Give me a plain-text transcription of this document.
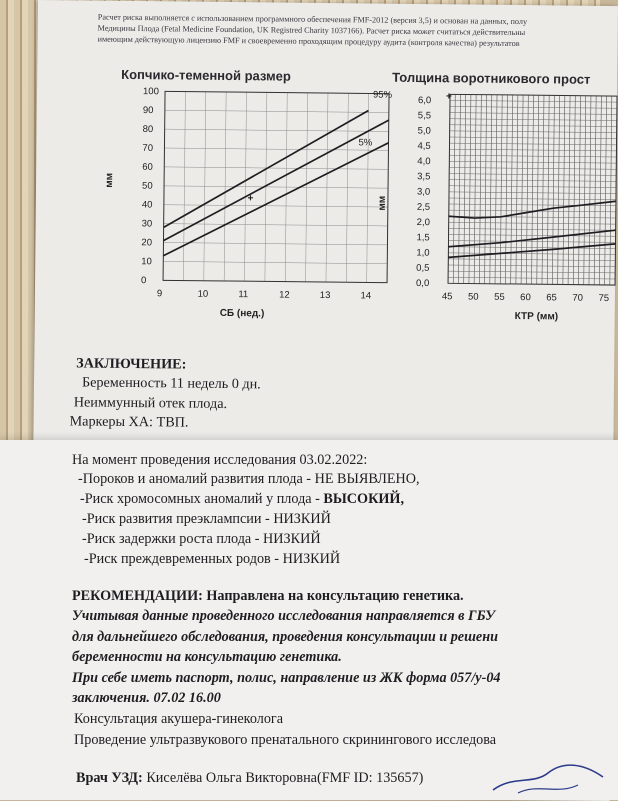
Расчет риска выполняется с использованием программного обеспечения FMF-2012 (версия 3,5) и основан на данных, полу
Медицины Плода (Fetal Medicine Foundation, UK Registred Charity 1037166). Расчет риска может считаться действительны
имеющим действующую лицензию FMF и своевременно проходящим процедуру аудита (контроля качества) результатов
Копчико-теменной размер
+
9	10	11	12	13	14
0
10
20
30
40
50
60
70
80
90
100	95%
5%
СБ (нед.)
мм
Толщина воротникового прост
+
45 50 55 60 65 70 75
0,0
0,5
1,0
1,5
2,0
2,5
3,0
3,5
4,0
4,5
5,0
5,5
6,0
КТР (мм)
мм
ЗАКЛЮЧЕНИЕ:
Беременность 11 недель 0 дн.
Неиммунный отек плода.
Маркеры ХА: ТВП.
На момент проведения исследования 03.02.2022:
-Пороков и аномалий развития плода - НЕ ВЫЯВЛЕНО,
-Риск хромосомных аномалий у плода - ВЫСОКИЙ,
-Риск развития преэклампсии - НИЗКИЙ
-Риск задержки роста плода - НИЗКИЙ
-Риск преждевременных родов - НИЗКИЙ
РЕКОМЕНДАЦИИ: Направлена на консультацию генетика.
Учитывая данные проведенного исследования направляется в ГБУ
для дальнейшего обследования, проведения консультации и решени
беременности на консультацию генетика.
При себе иметь паспорт, полис, направление из ЖК форма 057/у-04
заключения. 07.02 16.00
Консультация акушера-гинеколога
Проведение ультразвукового пренатального скринингового исследова
Врач УЗД: Киселёва Ольга Викторовна(FMF ID: 135657)
